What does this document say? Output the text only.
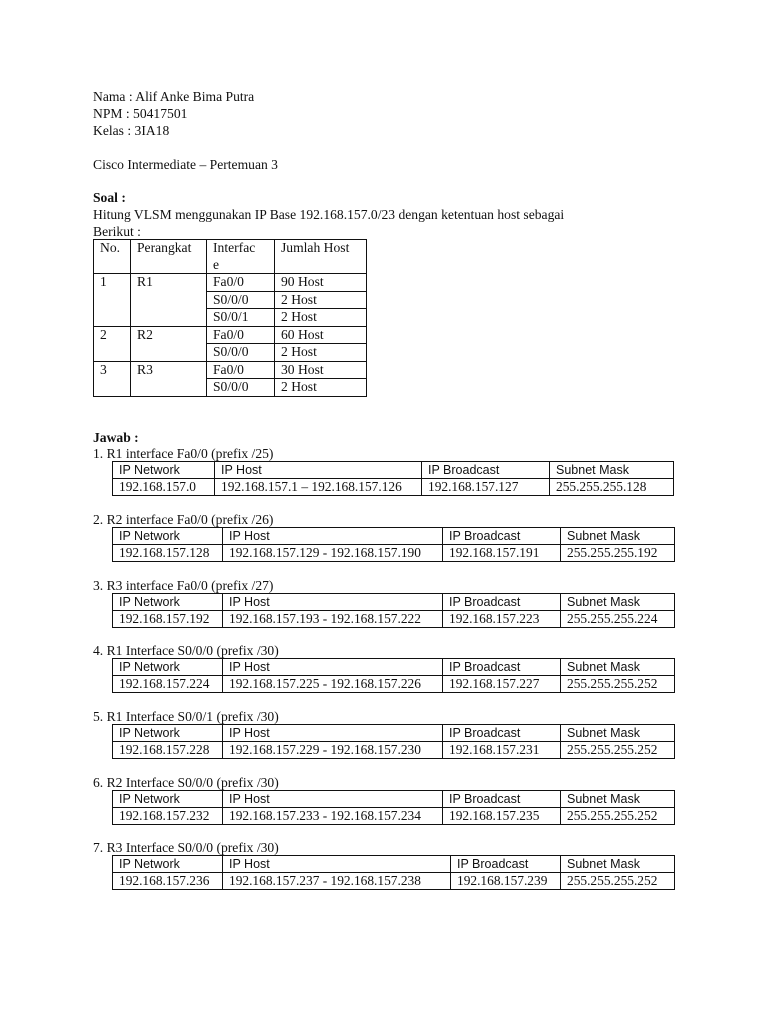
Nama : Alif Anke Bima Putra
NPM : 50417501
Kelas : 3IA18
Cisco Intermediate – Pertemuan 3
Soal :
Hitung VLSM menggunakan IP Base 192.168.157.0/23 dengan ketentuan host sebagai
Berikut :
No.	Perangkat	Interfac
e	Jumlah Host
1	R1	Fa0/0	90 Host
		S0/0/0	2 Host
		S0/0/1	2 Host
2	R2	Fa0/0	60 Host
		S0/0/0	2 Host
3	R3	Fa0/0	30 Host
		S0/0/0	2 Host
Jawab :
1. R1 interface Fa0/0 (prefix /25)
IP Network	IP Host	IP Broadcast	Subnet Mask
192.168.157.0	192.168.157.1 – 192.168.157.126	192.168.157.127	255.255.255.128
2. R2 interface Fa0/0 (prefix /26)
IP Network	IP Host	IP Broadcast	Subnet Mask
192.168.157.128	192.168.157.129 - 192.168.157.190	192.168.157.191	255.255.255.192
3. R3 interface Fa0/0 (prefix /27)
IP Network	IP Host	IP Broadcast	Subnet Mask
192.168.157.192	192.168.157.193 - 192.168.157.222	192.168.157.223	255.255.255.224
4. R1 Interface S0/0/0 (prefix /30)
IP Network	IP Host	IP Broadcast	Subnet Mask
192.168.157.224	192.168.157.225 - 192.168.157.226	192.168.157.227	255.255.255.252
5. R1 Interface S0/0/1 (prefix /30)
IP Network	IP Host	IP Broadcast	Subnet Mask
192.168.157.228	192.168.157.229 - 192.168.157.230	192.168.157.231	255.255.255.252
6. R2 Interface S0/0/0 (prefix /30)
IP Network	IP Host	IP Broadcast	Subnet Mask
192.168.157.232	192.168.157.233 - 192.168.157.234	192.168.157.235	255.255.255.252
7. R3 Interface S0/0/0 (prefix /30)
IP Network	IP Host	IP Broadcast	Subnet Mask
192.168.157.236	192.168.157.237 - 192.168.157.238	192.168.157.239	255.255.255.252
